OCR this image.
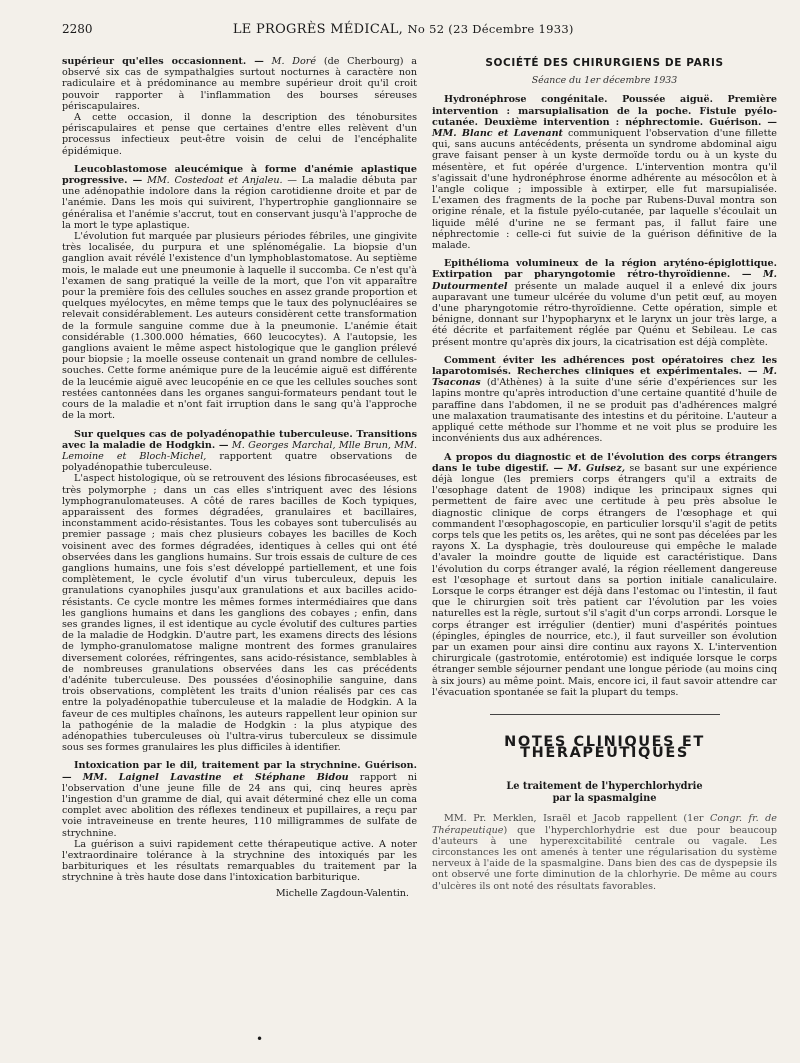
2280	LE PROGRÈS MÉDICAL, No 52 (23 Décembre 1933)

supérieur qu'elles occasionnent. — M. Doré (de Cherbourg) a observé six cas de sympathalgies surtout nocturnes à caractère non radiculaire et à prédominance au membre supérieur droit qu'il croit pouvoir rapporter à l'inflammation des bourses séreuses périscapulaires.

A cette occasion, il donne la description des ténobursites périscapulaires et pense que certaines d'entre elles relèvent d'un processus infectieux peut-être voisin de celui de l'encéphalite épidémique.

Leucoblastomose aleucémique à forme d'anémie aplastique progressive. — MM. Costedoat et Anjaleu. — La maladie débuta par une adénopathie indolore dans la région carotidienne droite et par de l'anémie. Dans les mois qui suivirent, l'hypertrophie ganglionnaire se généralisa et l'anémie s'accrut, tout en conservant jusqu'à l'approche de la mort le type aplastique.

L'évolution fut marquée par plusieurs périodes fébriles, une gingivite très localisée, du purpura et une splénomégalie. La biopsie d'un ganglion avait révélé l'existence d'un lymphoblastomatose. Au septième mois, le malade eut une pneumonie à laquelle il succomba. Ce n'est qu'à l'examen de sang pratiqué la veille de la mort, que l'on vit apparaître pour la première fois des cellules souches en assez grande proportion et quelques myélocytes, en même temps que le taux des polynucléaires se relevait considérablement. Les auteurs considèrent cette transformation de la formule sanguine comme due à la pneumonie. L'anémie était considérable (1.300.000 hématies, 660 leucocytes). A l'autopsie, les ganglions avaient le même aspect histologique que le ganglion prélevé pour biopsie ; la moelle osseuse contenait un grand nombre de cellules-souches. Cette forme anémique pure de la leucémie aiguë est différente de la leucémie aiguë avec leucopénie en ce que les cellules souches sont restées cantonnées dans les organes sangui-formateurs pendant tout le cours de la maladie et n'ont fait irruption dans le sang qu'à l'approche de la mort.

Sur quelques cas de polyadénopathie tuberculeuse. Transitions avec la maladie de Hodgkin. — M. Georges Marchal, Mlle Brun, MM. Lemoine et Bloch-Michel, rapportent quatre observations de polyadénopathie tuberculeuse.

L'aspect histologique, où se retrouvent des lésions fibrocaséeuses, est très polymorphe ; dans un cas elles s'intriquent avec des lésions lymphogranulomateuses. A côté de rares bacilles de Koch typiques, apparaissent des formes dégradées, granulaires et bacillaires, inconstamment acido-résistantes. Tous les cobayes sont tuberculisés au premier passage ; mais chez plusieurs cobayes les bacilles de Koch voisinent avec des formes dégradées, identiques à celles qui ont été observées dans les ganglions humains. Sur trois essais de culture de ces ganglions humains, une fois s'est développé partiellement, et une fois complètement, le cycle évolutif d'un virus tuberculeux, depuis les granulations cyanophiles jusqu'aux granulations et aux bacilles acido-résistants. Ce cycle montre les mêmes formes intermédiaires que dans les ganglions humains et dans les ganglions des cobayes ; enfin, dans ses grandes lignes, il est identique au cycle évolutif des cultures parties de la maladie de Hodgkin. D'autre part, les examens directs des lésions de lympho-granulomatose maligne montrent des formes granulaires diversement colorées, réfringentes, sans acido-résistance, semblables à de nombreuses granulations observées dans les cas précédents d'adénite tuberculeuse. Des poussées d'éosinophilie sanguine, dans trois observations, complètent les traits d'union réalisés par ces cas entre la polyadénopathie tuberculeuse et la maladie de Hodgkin. A la faveur de ces multiples chaînons, les auteurs rappellent leur opinion sur la pathogénie de la maladie de Hodgkin : la plus atypique des adénopathies tuberculeuses où l'ultra-virus tuberculeux se dissimule sous ses formes granulaires les plus difficiles à identifier.

Intoxication par le dil, traitement par la strychnine. Guérison. — MM. Laignel Lavastine et Stéphane Bidou rapport ni l'observation d'une jeune fille de 24 ans qui, cinq heures après l'ingestion d'un gramme de dial, qui avait déterminé chez elle un coma complet avec abolition des réflexes tendineux et pupillaires, a reçu par voie intraveineuse en trente heures, 110 milligrammes de sulfate de strychnine.

La guérison a suivi rapidement cette thérapeutique active. A noter l'extraordinaire tolérance à la strychnine des intoxiqués par les barbituriques et les résultats remarquables du traitement par la strychnine à très haute dose dans l'intoxication barbiturique.

Michelle Zagdoun-Valentin.
SOCIÉTÉ DES CHIRURGIENS DE PARIS
Séance du 1er décembre 1933

Hydronéphrose congénitale. Poussée aiguë. Première intervention : marsupialisation de la poche. Fistule pyélo-cutanée. Deuxième intervention : néphrectomie. Guérison. — MM. Blanc et Lavenant communiquent l'observation d'une fillette qui, sans aucuns antécédents, présenta un syndrome abdominal aigu grave faisant penser à un kyste dermoïde tordu ou à un kyste du mésentère, et fut opérée d'urgence. L'intervention montra qu'il s'agissait d'une hydronéphrose énorme adhérente au mésocôlon et à l'angle colique ; impossible à extirper, elle fut marsupialisée. L'examen des fragments de la poche par Rubens-Duval montra son origine rénale, et la fistule pyélo-cutanée, par laquelle s'écoulait un liquide mêlé d'urine ne se fermant pas, il fallut faire une néphrectomie : celle-ci fut suivie de la guérison définitive de la malade.

Epithélioma volumineux de la région aryténo-épiglottique. Extirpation par pharyngotomie rétro-thyroïdienne. — M. Dutourmentel présente un malade auquel il a enlevé dix jours auparavant une tumeur ulcérée du volume d'un petit œuf, au moyen d'une pharyngotomie rétro-thyroïdienne. Cette opération, simple et bénigne, donnant sur l'hypopharynx et le larynx un jour très large, a été décrite et parfaitement réglée par Quénu et Sebileau. Le cas présent montre qu'après dix jours, la cicatrisation est déjà complète.

Comment éviter les adhérences post opératoires chez les laparotomisés. Recherches cliniques et expérimentales. — M. Tsaconas (d'Athènes) à la suite d'une série d'expériences sur les lapins montre qu'après introduction d'une certaine quantité d'huile de paraffine dans l'abdomen, il ne se produit pas d'adhérences malgré une malaxation traumatisante des intestins et du péritoine. L'auteur a appliqué cette méthode sur l'homme et ne voit plus se produire les inconvénients dus aux adhérences.

A propos du diagnostic et de l'évolution des corps étrangers dans le tube digestif. — M. Guisez, se basant sur une expérience déjà longue (les premiers corps étrangers qu'il a extraits de l'œsophage datent de 1908) indique les principaux signes qui permettent de faire avec une certitude à peu près absolue le diagnostic clinique de corps étrangers de l'œsophage et qui commandent l'œsophagoscopie, en particulier lorsqu'il s'agit de petits corps tels que les petits os, les arêtes, qui ne sont pas décelées par les rayons X. La dysphagie, très douloureuse qui empêche le malade d'avaler la moindre goutte de liquide est caractéristique. Dans l'évolution du corps étranger avalé, la région réellement dangereuse est l'œsophage et surtout dans sa portion initiale canaliculaire. Lorsque le corps étranger est déjà dans l'estomac ou l'intestin, il faut que le chirurgien soit très patient car l'évolution par les voies naturelles est la règle, surtout s'il s'agit d'un corps arrondi. Lorsque le corps étranger est irrégulier (dentier) muni d'aspérités pointues (épingles, épingles de nourrice, etc.), il faut surveiller son évolution par un examen pour ainsi dire continu aux rayons X. L'intervention chirurgicale (gastrotomie, entérotomie) est indiquée lorsque le corps étranger semble séjourner pendant une longue période (au moins cinq à six jours) au même point. Mais, encore ici, il faut savoir attendre car l'évacuation spontanée se fait la plupart du temps.

NOTES CLINIQUES ET THÉRAPEUTIQUES
Le traitement de l'hyperchlorhydrie
par la spasmalgine

MM. Pr. Merklen, Israël et Jacob rappellent (1er Congr. fr. de Thérapeutique) que l'hyperchlorhydrie est due pour beaucoup d'auteurs à une hyperexcitabilité centrale ou vagale. Les circonstances les ont amenés à tenter une régularisation du système nerveux à l'aide de la spasmalgine. Dans bien des cas de dyspepsie ils ont observé une forte diminution de la chlorhyrie. De même au cours d'ulcères ils ont noté des résultats favorables.

•
